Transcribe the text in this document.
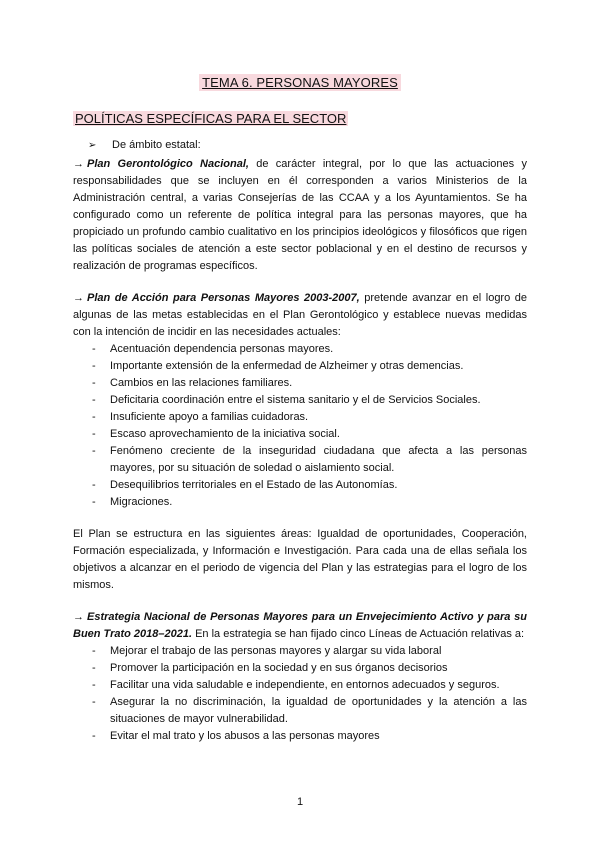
TEMA 6. PERSONAS MAYORES
POLÍTICAS ESPECÍFICAS PARA EL SECTOR
➢ De ámbito estatal:

→ Plan Gerontológico Nacional, de carácter integral, por lo que las actuaciones y responsabilidades que se incluyen en él corresponden a varios Ministerios de la Administración central, a varias Consejerías de las CCAA y a los Ayuntamientos. Se ha configurado como un referente de política integral para las personas mayores, que ha propiciado un profundo cambio cualitativo en los principios ideológicos y filosóficos que rigen las políticas sociales de atención a este sector poblacional y en el destino de recursos y realización de programas específicos.

→ Plan de Acción para Personas Mayores 2003-2007, pretende avanzar en el logro de algunas de las metas establecidas en el Plan Gerontológico y establece nuevas medidas con la intención de incidir en las necesidades actuales:

- Acentuación dependencia personas mayores.
- Importante extensión de la enfermedad de Alzheimer y otras demencias.
- Cambios en las relaciones familiares.
- Deficitaria coordinación entre el sistema sanitario y el de Servicios Sociales.
- Insuficiente apoyo a familias cuidadoras.
- Escaso aprovechamiento de la iniciativa social.
- Fenómeno creciente de la inseguridad ciudadana que afecta a las personas mayores, por su situación de soledad o aislamiento social.
- Desequilibrios territoriales en el Estado de las Autonomías.
- Migraciones.

El Plan se estructura en las siguientes áreas: Igualdad de oportunidades, Cooperación, Formación especializada, y Información e Investigación. Para cada una de ellas señala los objetivos a alcanzar en el periodo de vigencia del Plan y las estrategias para el logro de los mismos.

→ Estrategia Nacional de Personas Mayores para un Envejecimiento Activo y para su Buen Trato 2018–2021. En la estrategia se han fijado cinco Líneas de Actuación relativas a:

- Mejorar el trabajo de las personas mayores y alargar su vida laboral
- Promover la participación en la sociedad y en sus órganos decisorios
- Facilitar una vida saludable e independiente, en entornos adecuados y seguros.
- Asegurar la no discriminación, la igualdad de oportunidades y la atención a las situaciones de mayor vulnerabilidad.
- Evitar el mal trato y los abusos a las personas mayores
1
